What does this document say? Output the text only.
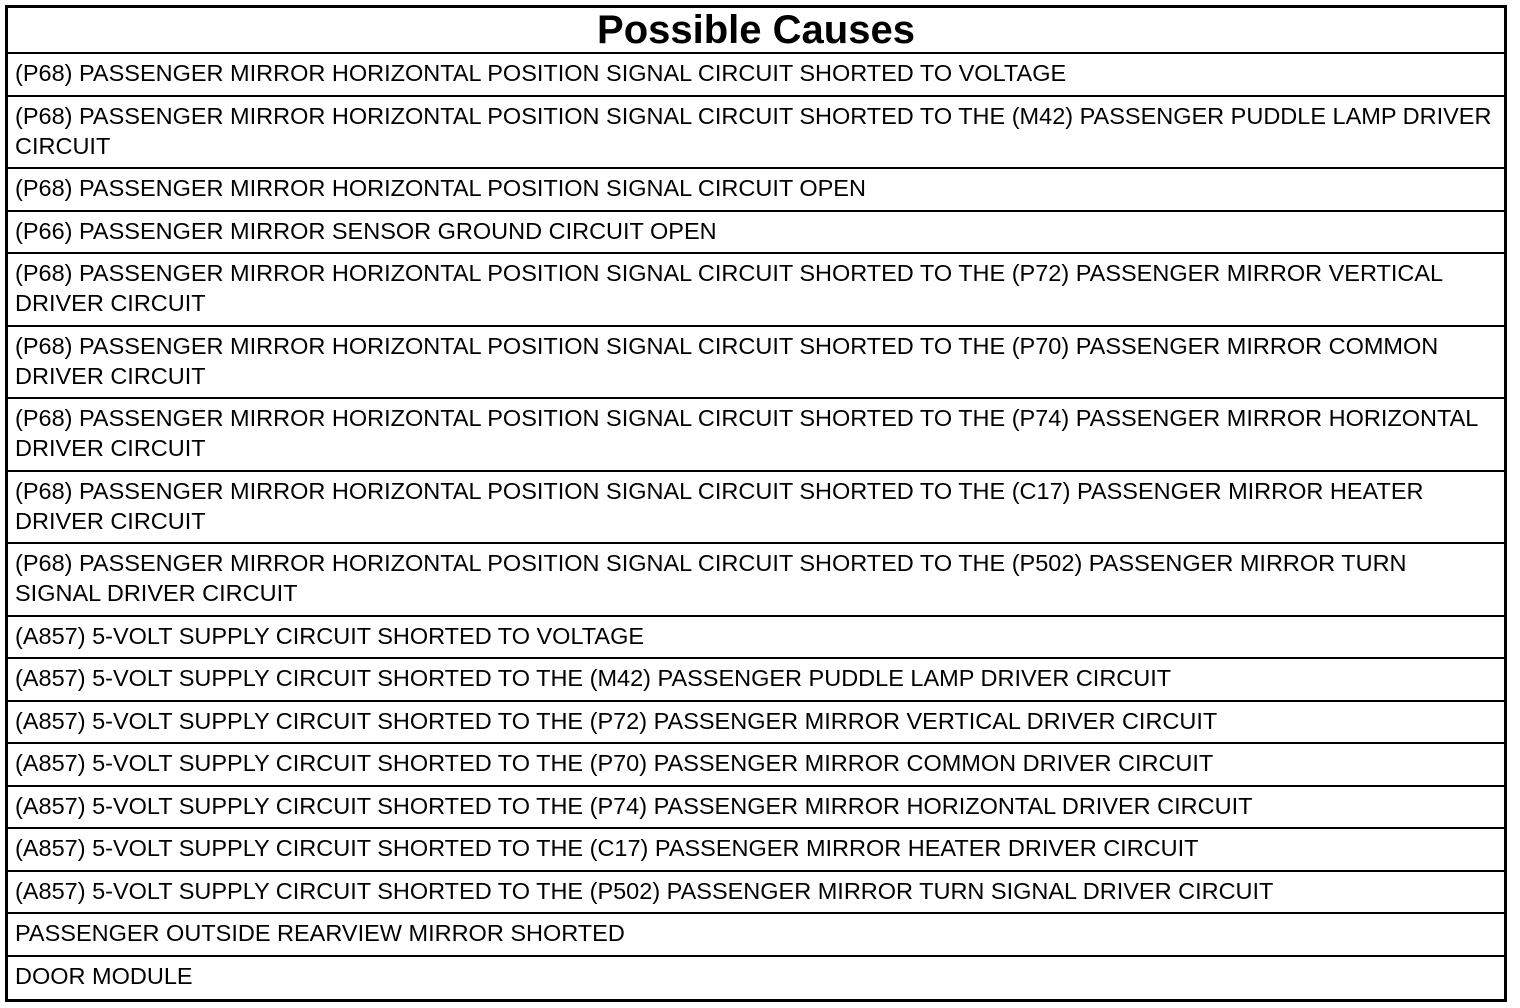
Possible Causes
(P68) PASSENGER MIRROR HORIZONTAL POSITION SIGNAL CIRCUIT SHORTED TO VOLTAGE
(P68) PASSENGER MIRROR HORIZONTAL POSITION SIGNAL CIRCUIT SHORTED TO THE (M42) PASSENGER PUDDLE LAMP DRIVER CIRCUIT
(P68) PASSENGER MIRROR HORIZONTAL POSITION SIGNAL CIRCUIT OPEN
(P66) PASSENGER MIRROR SENSOR GROUND CIRCUIT OPEN
(P68) PASSENGER MIRROR HORIZONTAL POSITION SIGNAL CIRCUIT SHORTED TO THE (P72) PASSENGER MIRROR VERTICAL DRIVER CIRCUIT
(P68) PASSENGER MIRROR HORIZONTAL POSITION SIGNAL CIRCUIT SHORTED TO THE (P70) PASSENGER MIRROR COMMON DRIVER CIRCUIT
(P68) PASSENGER MIRROR HORIZONTAL POSITION SIGNAL CIRCUIT SHORTED TO THE (P74) PASSENGER MIRROR HORIZONTAL DRIVER CIRCUIT
(P68) PASSENGER MIRROR HORIZONTAL POSITION SIGNAL CIRCUIT SHORTED TO THE (C17) PASSENGER MIRROR HEATER DRIVER CIRCUIT
(P68) PASSENGER MIRROR HORIZONTAL POSITION SIGNAL CIRCUIT SHORTED TO THE (P502) PASSENGER MIRROR TURN SIGNAL DRIVER CIRCUIT
(A857) 5-VOLT SUPPLY CIRCUIT SHORTED TO VOLTAGE
(A857) 5-VOLT SUPPLY CIRCUIT SHORTED TO THE (M42) PASSENGER PUDDLE LAMP DRIVER CIRCUIT
(A857) 5-VOLT SUPPLY CIRCUIT SHORTED TO THE (P72) PASSENGER MIRROR VERTICAL DRIVER CIRCUIT
(A857) 5-VOLT SUPPLY CIRCUIT SHORTED TO THE (P70) PASSENGER MIRROR COMMON DRIVER CIRCUIT
(A857) 5-VOLT SUPPLY CIRCUIT SHORTED TO THE (P74) PASSENGER MIRROR HORIZONTAL DRIVER CIRCUIT
(A857) 5-VOLT SUPPLY CIRCUIT SHORTED TO THE (C17) PASSENGER MIRROR HEATER DRIVER CIRCUIT
(A857) 5-VOLT SUPPLY CIRCUIT SHORTED TO THE (P502) PASSENGER MIRROR TURN SIGNAL DRIVER CIRCUIT
PASSENGER OUTSIDE REARVIEW MIRROR SHORTED
DOOR MODULE
